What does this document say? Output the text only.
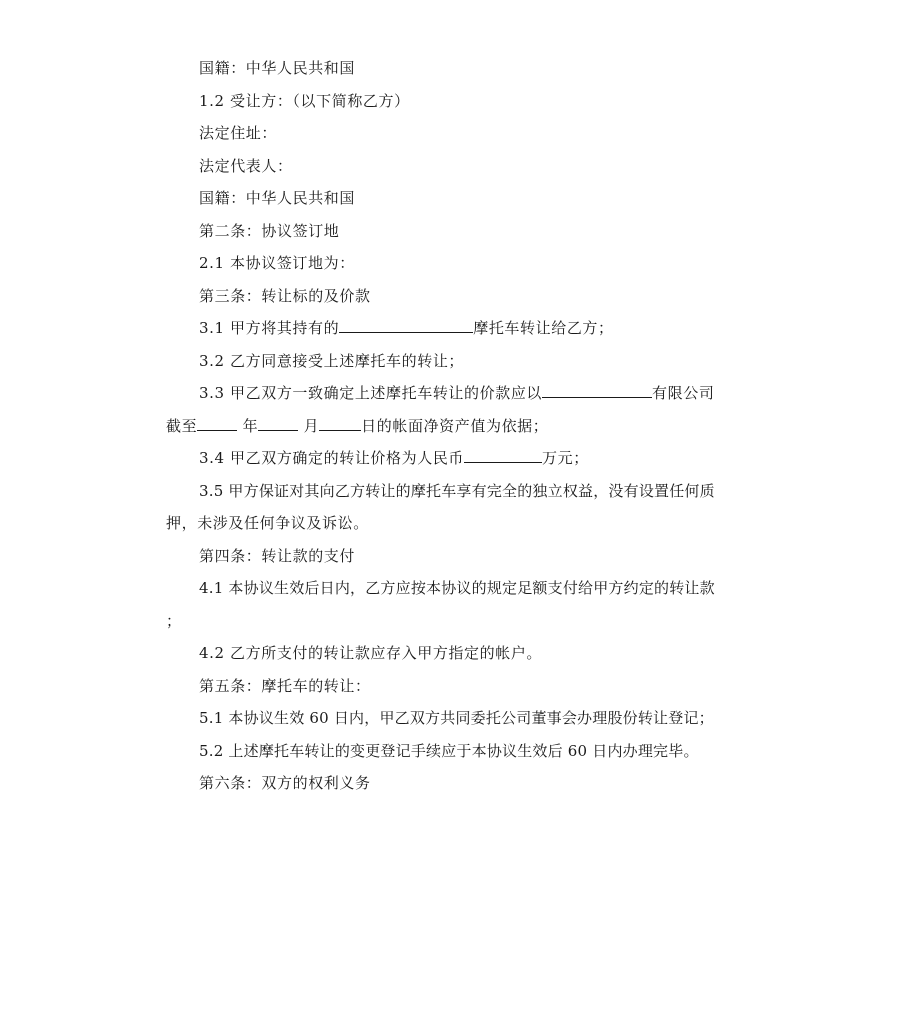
国籍：中华人民共和国
1.2 受让方：（以下简称乙方）
法定住址：
法定代表人：
国籍：中华人民共和国
第二条：协议签订地
2.1 本协议签订地为：
第三条：转让标的及价款
3.1 甲方将其持有的	摩托车转让给乙方；
3.2 乙方同意接受上述摩托车的转让；
3.3 甲乙双方一致确定上述摩托车转让的价款应以	有限公司
截至	年	月	日的帐面净资产值为依据；
3.4 甲乙双方确定的转让价格为人民币	万元；
3.5 甲方保证对其向乙方转让的摩托车享有完全的独立权益，没有设置任何质
押，未涉及任何争议及诉讼。
第四条：转让款的支付
4.1 本协议生效后日内，乙方应按本协议的规定足额支付给甲方约定的转让款
；
4.2 乙方所支付的转让款应存入甲方指定的帐户。
第五条：摩托车的转让：
5.1 本协议生效 60 日内，甲乙双方共同委托公司董事会办理股份转让登记；
5.2 上述摩托车转让的变更登记手续应于本协议生效后 60 日内办理完毕。
第六条：双方的权利义务
